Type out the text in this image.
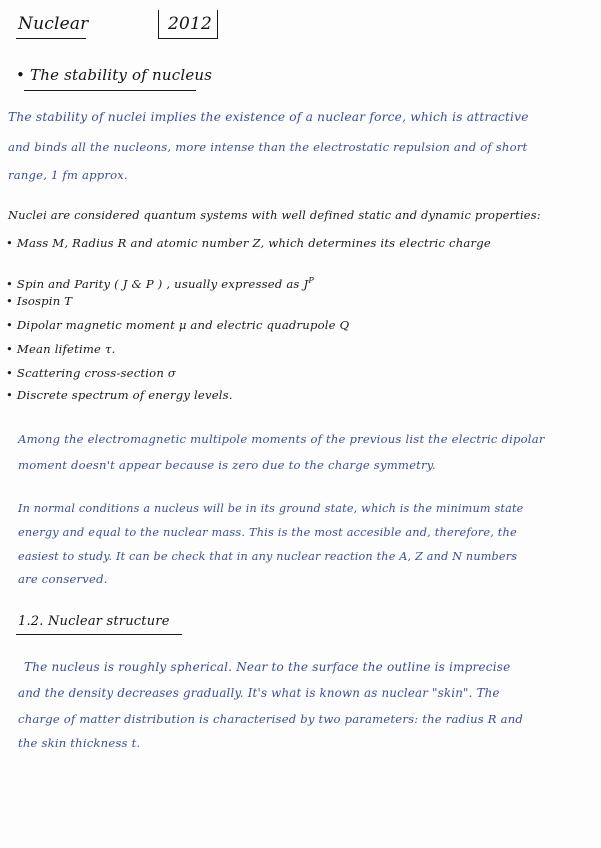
Nuclear	2012
• The stability of nucleus
The stability of nuclei implies the existence of a nuclear force, which is attractive
and binds all the nucleons, more intense than the electrostatic repulsion and of short
range, 1 fm approx.
Nuclei are considered quantum systems with well defined static and dynamic properties:
• Mass M, Radius R and atomic number Z, which determines its electric charge
• Spin and Parity ( J & P ) , usually expressed as $J^P$
• Isospin T
• Dipolar magnetic moment μ and electric quadrupole Q
• Mean lifetime τ.
• Scattering cross-section σ
• Discrete spectrum of energy levels.
Among the electromagnetic multipole moments of the previous list the electric dipolar
moment doesn't appear because is zero due to the charge symmetry.
In normal conditions a nucleus will be in its ground state, which is the minimum state
energy and equal to the nuclear mass. This is the most accesible and, therefore, the
easiest to study. It can be check that in any nuclear reaction the A, Z and N numbers
are conserved.
1.2. Nuclear structure
The nucleus is roughly spherical. Near to the surface the outline is imprecise
and the density decreases gradually. It's what is known as nuclear "skin". The
charge of matter distribution is characterised by two parameters: the radius R and
the skin thickness t.
